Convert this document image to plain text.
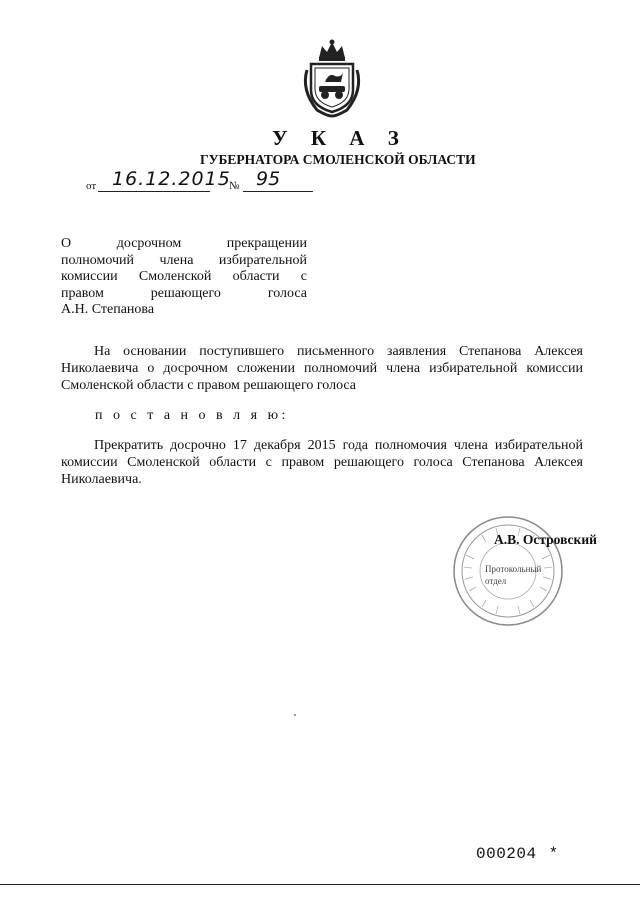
У К А З
ГУБЕРНАТОРА СМОЛЕНСКОЙ ОБЛАСТИ
от 16.12.2015
№ 95
О досрочном прекращении
полномочий члена избирательной
комиссии Смоленской области с
правом решающего голоса
А.Н. Степанова
На основании поступившего письменного заявления Степанова Алексея Николаевича о досрочном сложении полномочий члена избирательной комиссии Смоленской области с правом решающего голоса
п о с т а н о в л я ю:
Прекратить досрочно 17 декабря 2015 года полномочия члена избирательной комиссии Смоленской области с правом решающего голоса Степанова Алексея Николаевича.
Протокольный
отдел
А.В. Островский
000204 *
